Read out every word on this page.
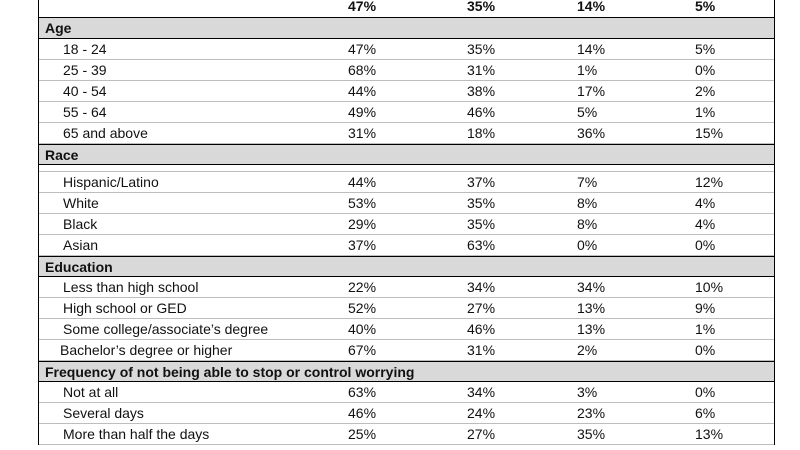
47%	35%	14%	5%
Age
18 - 24	47%	35%	14%	5%
25 - 39	68%	31%	1%	0%
40 - 54	44%	38%	17%	2%
55 - 64	49%	46%	5%	1%
65 and above	31%	18%	36%	15%
Race
Hispanic/Latino	44%	37%	7%	12%
White	53%	35%	8%	4%
Black	29%	35%	8%	4%
Asian	37%	63%	0%	0%
Education
Less than high school	22%	34%	34%	10%
High school or GED	52%	27%	13%	9%
Some college/associate’s degree	40%	46%	13%	1%
Bachelor’s degree or higher	67%	31%	2%	0%
Frequency of not being able to stop or control worrying
Not at all	63%	34%	3%	0%
Several days	46%	24%	23%	6%
More than half the days	25%	27%	35%	13%
